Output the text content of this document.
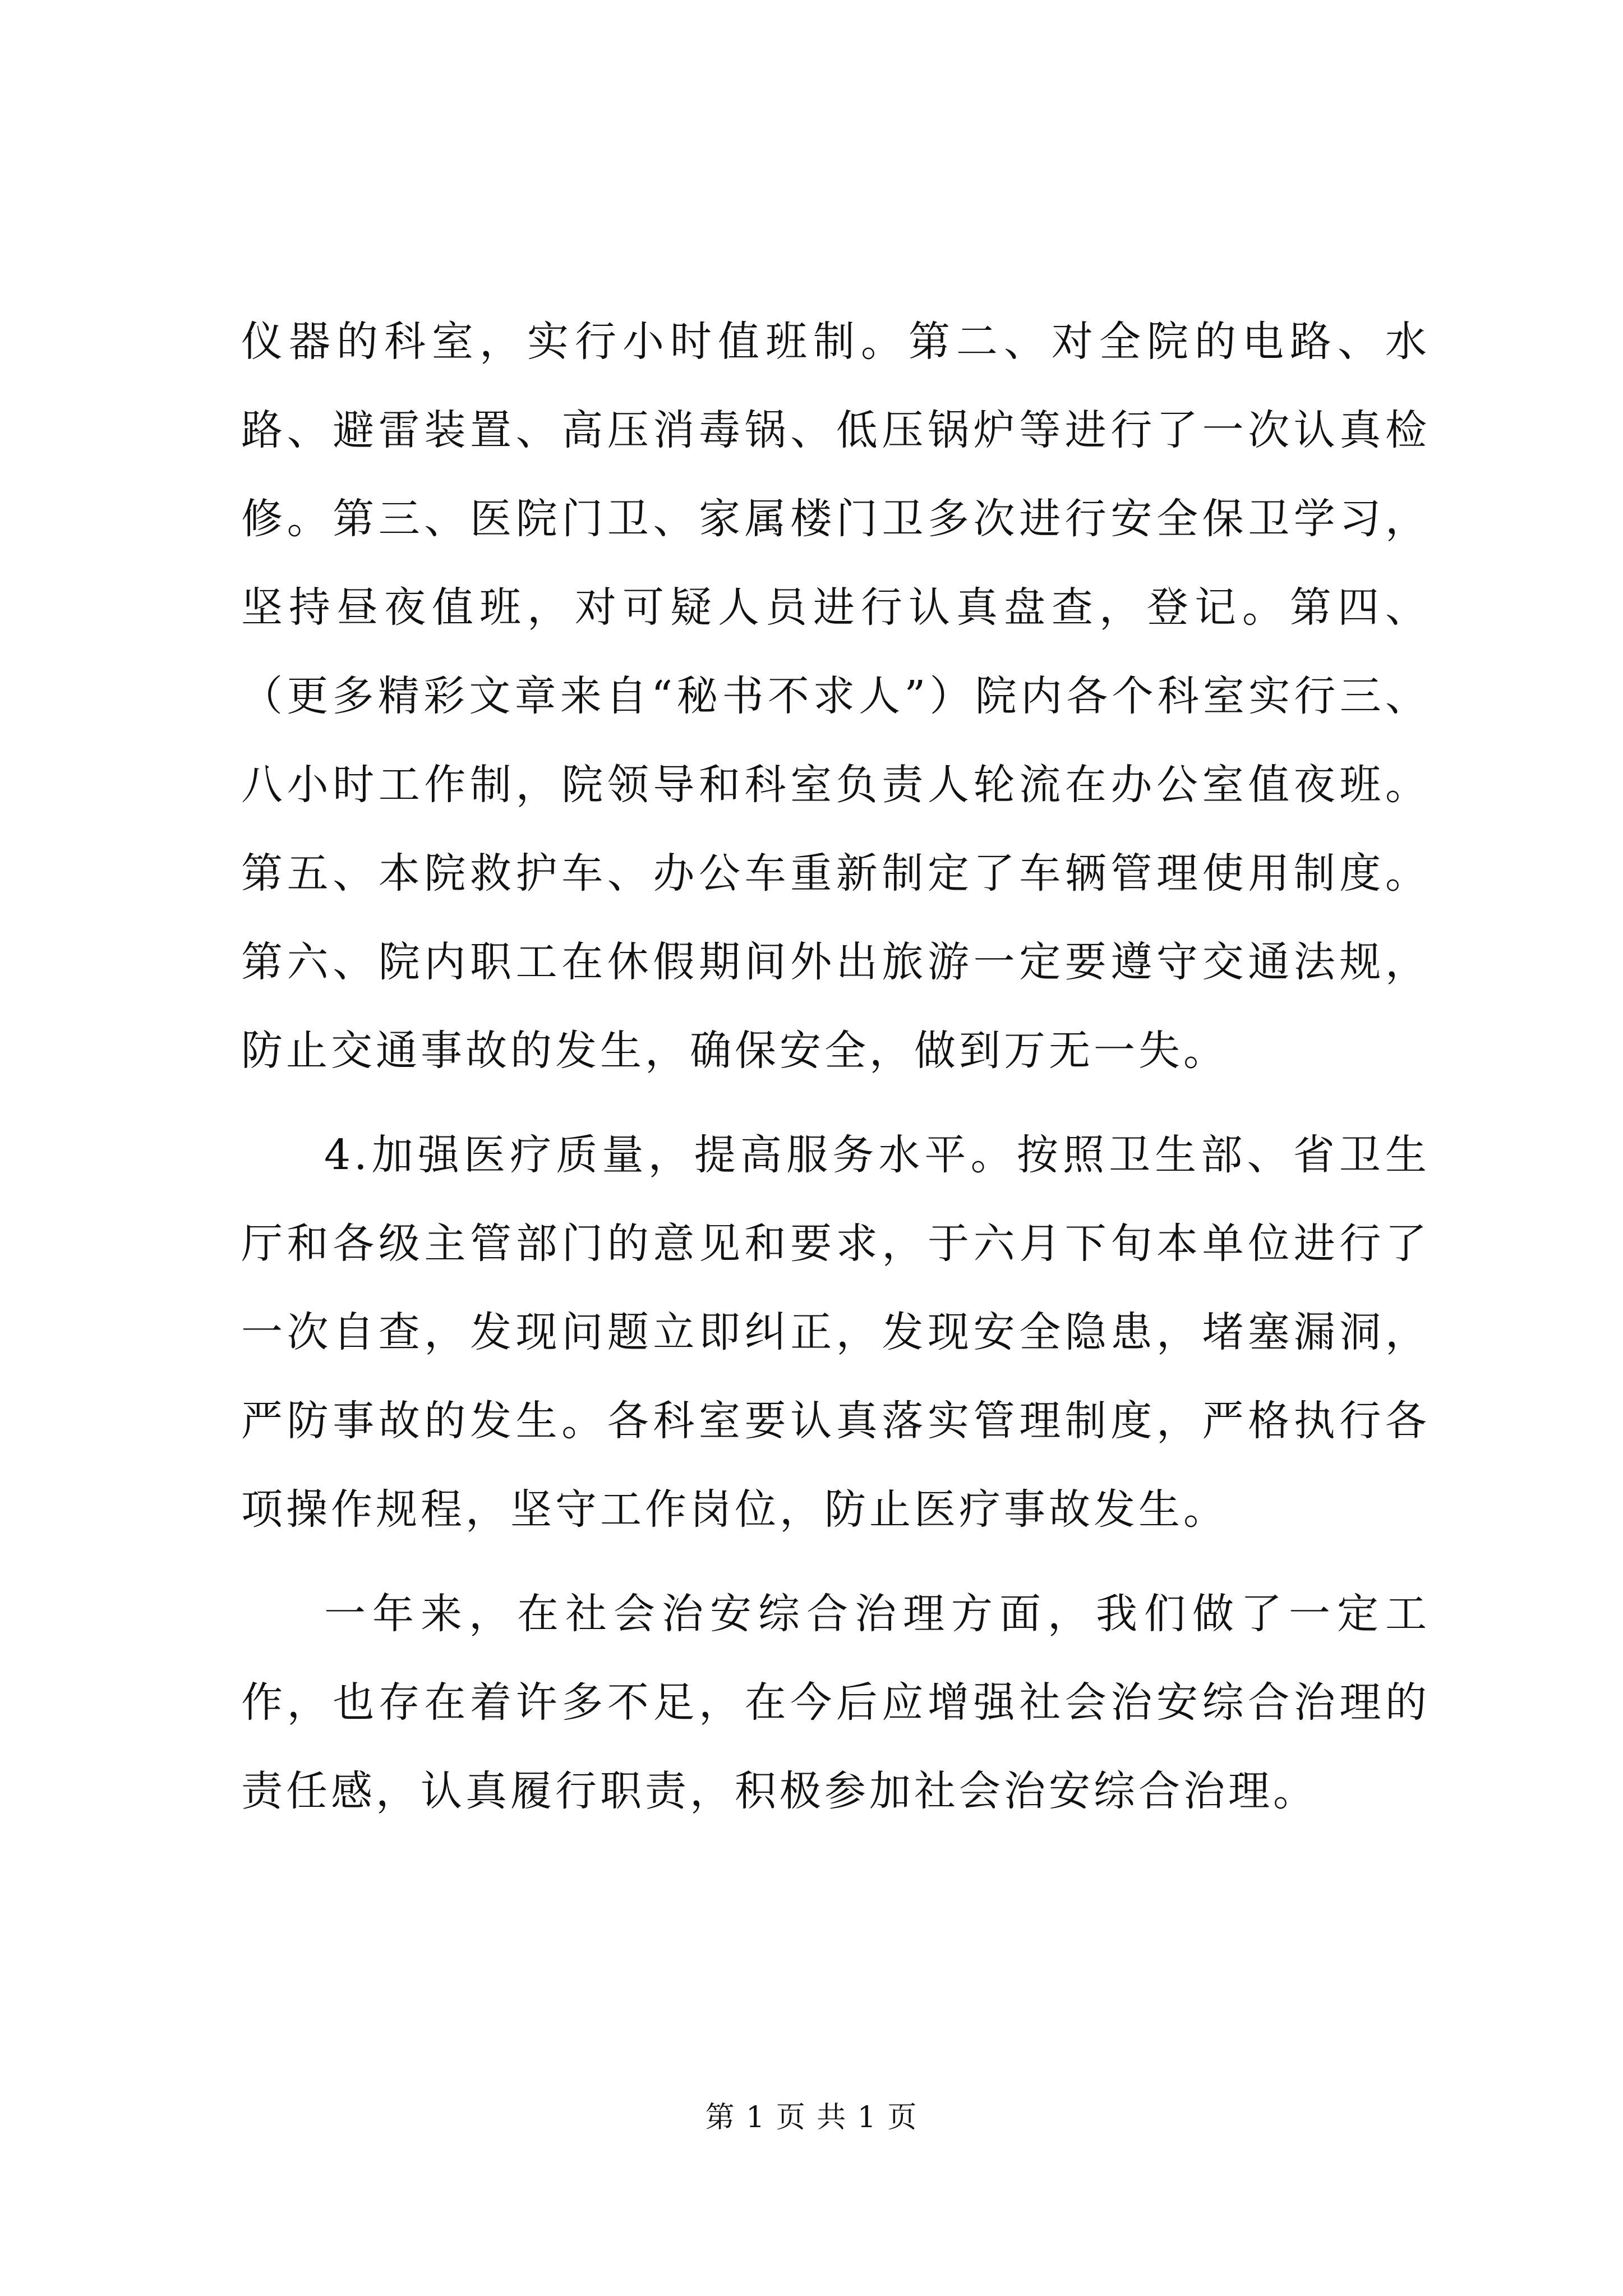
仪器的科室，实行小时值班制。第二、对全院的电路、水路、避雷装置、高压消毒锅、低压锅炉等进行了一次认真检修。第三、医院门卫、家属楼门卫多次进行安全保卫学习，坚持昼夜值班，对可疑人员进行认真盘查，登记。第四、（更多精彩文章来自“秘书不求人”）院内各个科室实行三、八小时工作制，院领导和科室负责人轮流在办公室值夜班。第五、本院救护车、办公车重新制定了车辆管理使用制度。第六、院内职工在休假期间外出旅游一定要遵守交通法规，防止交通事故的发生，确保安全，做到万无一失。

4.加强医疗质量，提高服务水平。按照卫生部、省卫生厅和各级主管部门的意见和要求，于六月下旬本单位进行了一次自查，发现问题立即纠正，发现安全隐患，堵塞漏洞，严防事故的发生。各科室要认真落实管理制度，严格执行各项操作规程，坚守工作岗位，防止医疗事故发生。

一年来，在社会治安综合治理方面，我们做了一定工作，也存在着许多不足，在今后应增强社会治安综合治理的责任感，认真履行职责，积极参加社会治安综合治理。

第 1 页 共 1 页
